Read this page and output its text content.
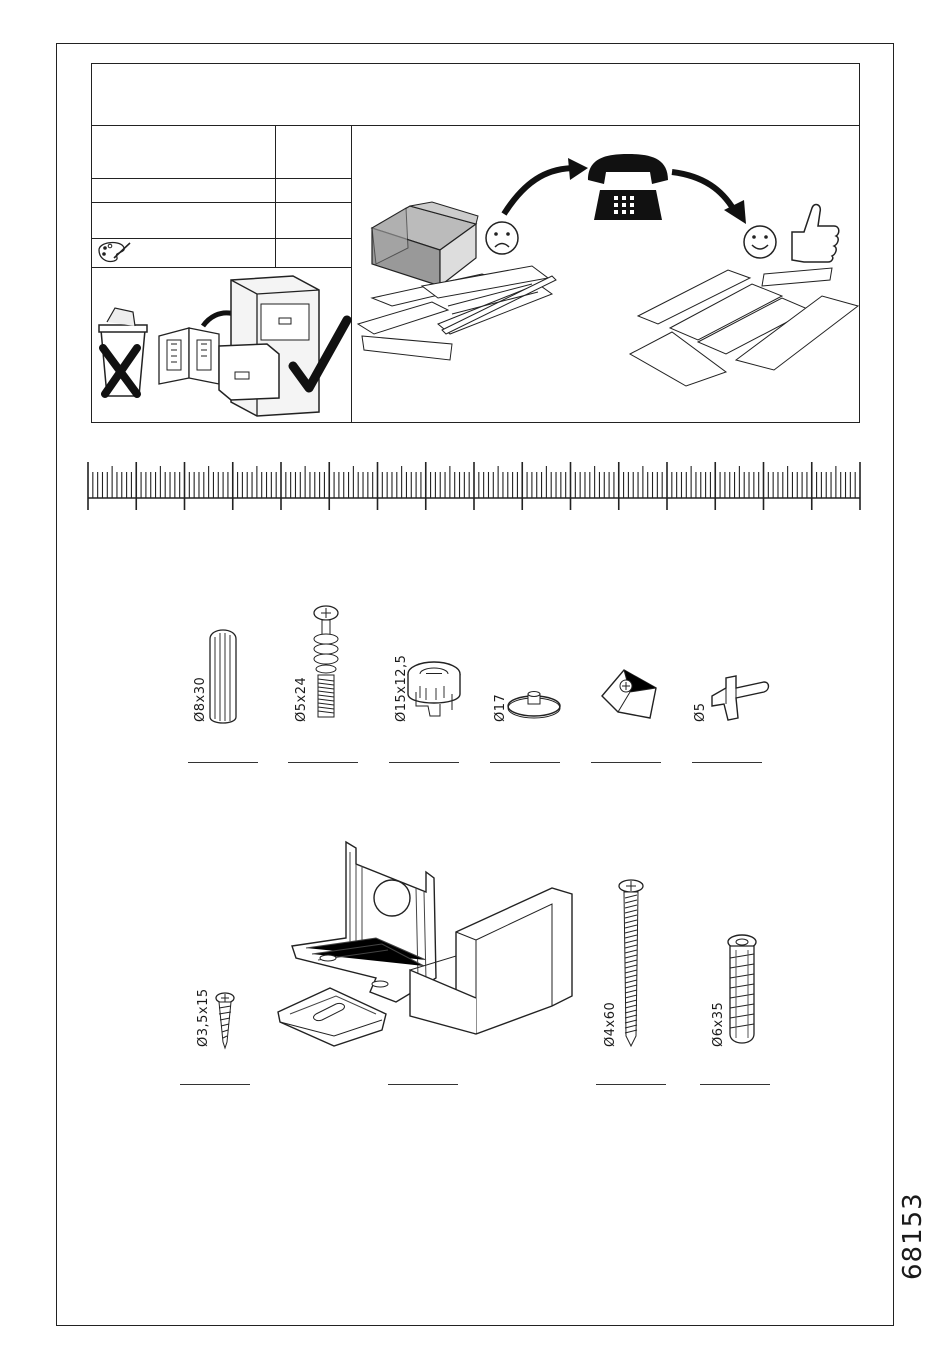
Ø8x30	Ø5x24	Ø15x12,5	Ø17	Ø5
Ø3,5x15	Ø4x60	Ø6x35
68153
